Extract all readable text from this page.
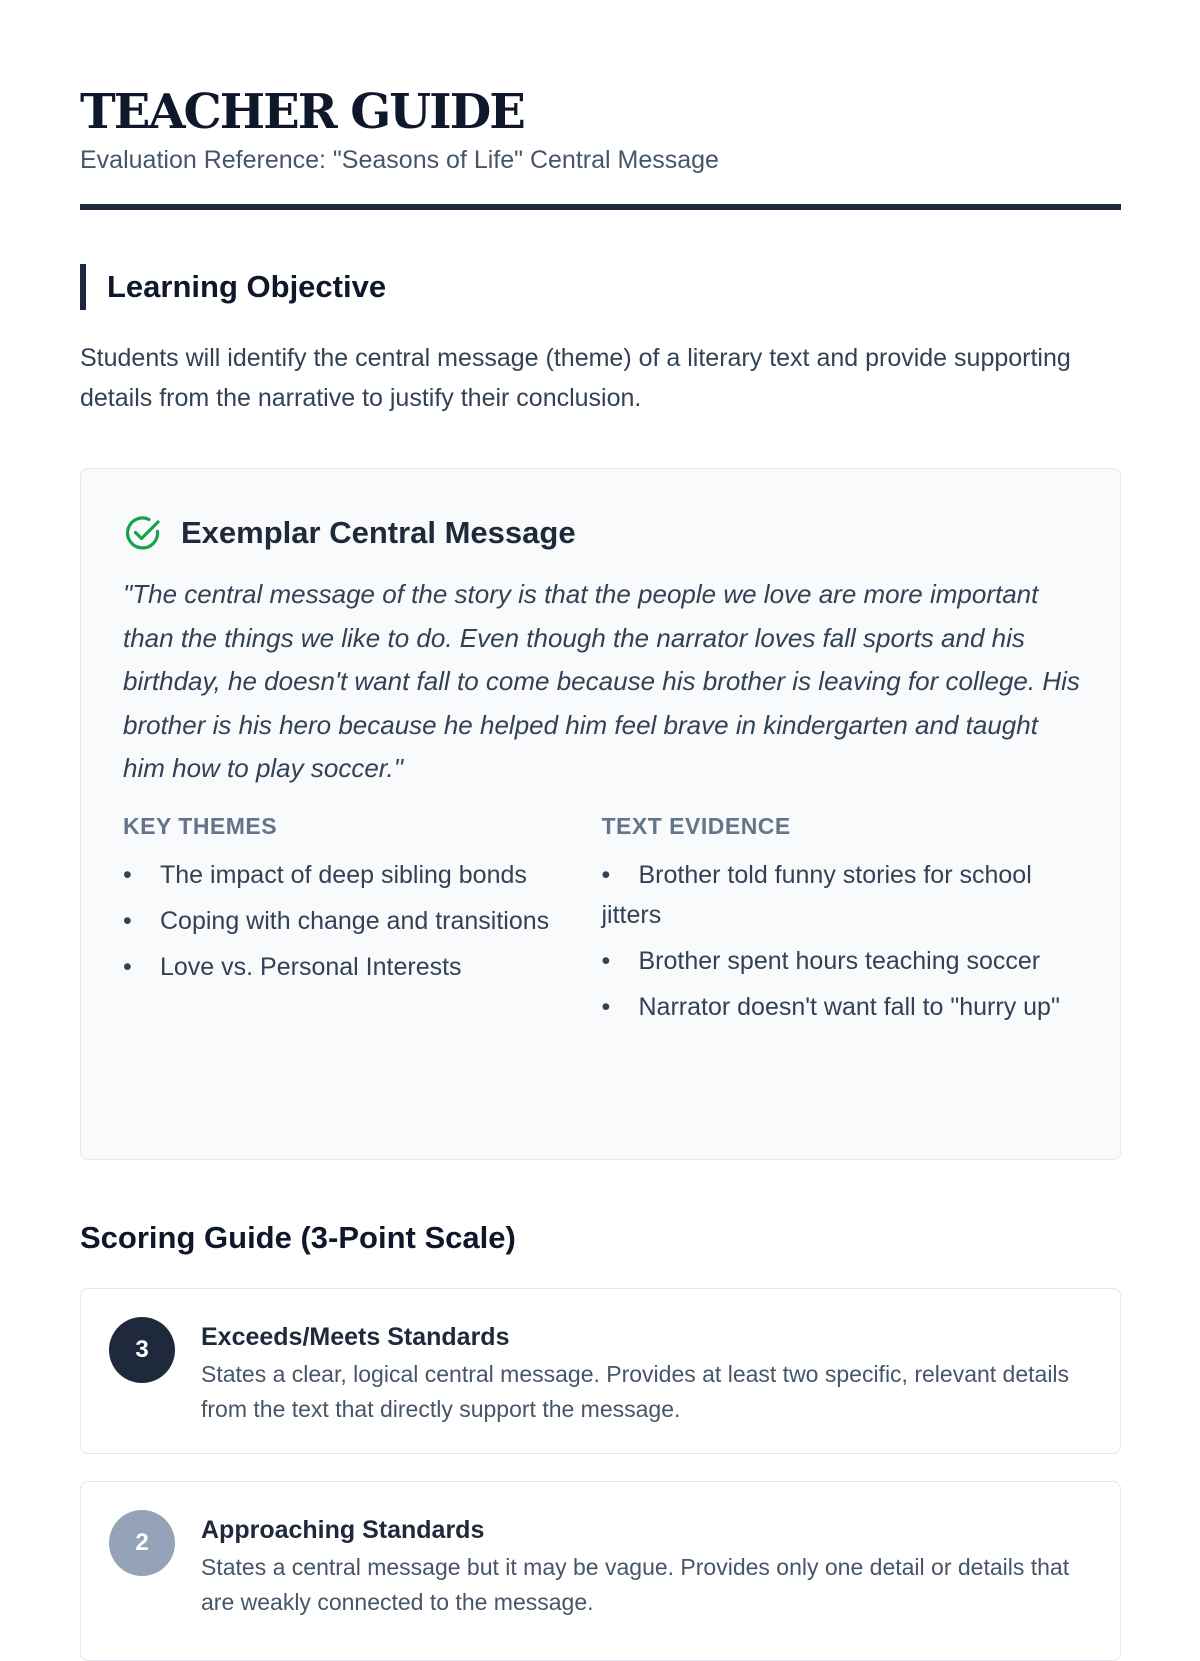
TEACHER GUIDE
Evaluation Reference: "Seasons of Life" Central Message
Learning Objective
Students will identify the central message (theme) of a literary text and provide supporting details from the narrative to justify their conclusion.
Exemplar Central Message
"The central message of the story is that the people we love are more important than the things we like to do. Even though the narrator loves fall sports and his birthday, he doesn't want fall to come because his brother is leaving for college. His brother is his hero because he helped him feel brave in kindergarten and taught him how to play soccer."
KEY THEMES
•The impact of deep sibling bonds
•Coping with change and transitions
•Love vs. Personal Interests
TEXT EVIDENCE
•Brother told funny stories for school jitters
•Brother spent hours teaching soccer
•Narrator doesn't want fall to "hurry up"
Scoring Guide (3-Point Scale)
3	Exceeds/Meets Standards
States a clear, logical central message. Provides at least two specific, relevant details from the text that directly support the message.
2	Approaching Standards
States a central message but it may be vague. Provides only one detail or details that are weakly connected to the message.
